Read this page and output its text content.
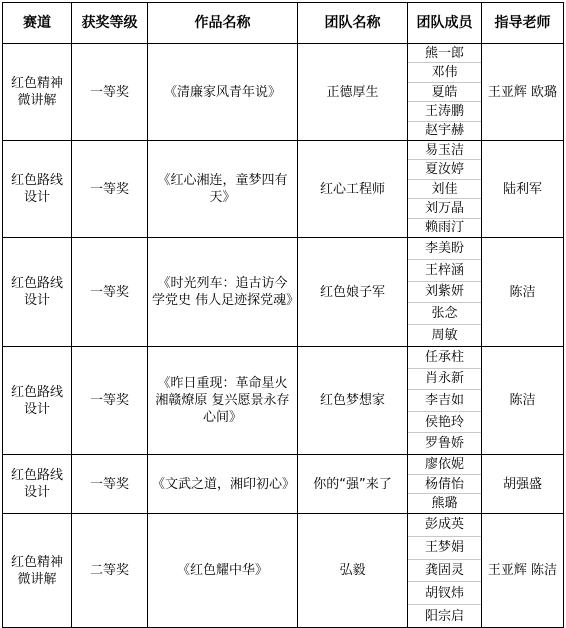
赛道	获奖等级	作品名称	团队名称	团队成员	指导老师

红色精神微讲解	一等奖	《清廉家风青年说》	正德厚生	熊一郎
邓伟
夏皓
王涛鹏
赵宇赫	王亚辉 欧璐

红色路线设计	一等奖	《红心湘连，童梦四有天》	红心工程师	易玉洁
夏汝婷
刘佳
刘万晶
赖雨汀	陆利军

红色路线设计	一等奖	《时光列车：追古访今学党史 伟人足迹探党魂》	红色娘子军	李美盼
王梓涵
刘紫妍
张念
周敏	陈洁

红色路线设计	一等奖	《昨日重现：革命星火湘赣燎原 复兴愿景永存心间》	红色梦想家	任承柱
肖永新
李吉如
侯艳玲
罗鲁娇	陈洁

红色路线设计	一等奖	《文武之道，湘印初心》	你的“强”来了	廖依妮
杨倩怡
熊璐	胡强盛

红色精神微讲解	二等奖	《红色耀中华》	弘毅	彭成英
王梦娟
龚固灵
胡钗炜
阳宗启	王亚辉 陈洁
